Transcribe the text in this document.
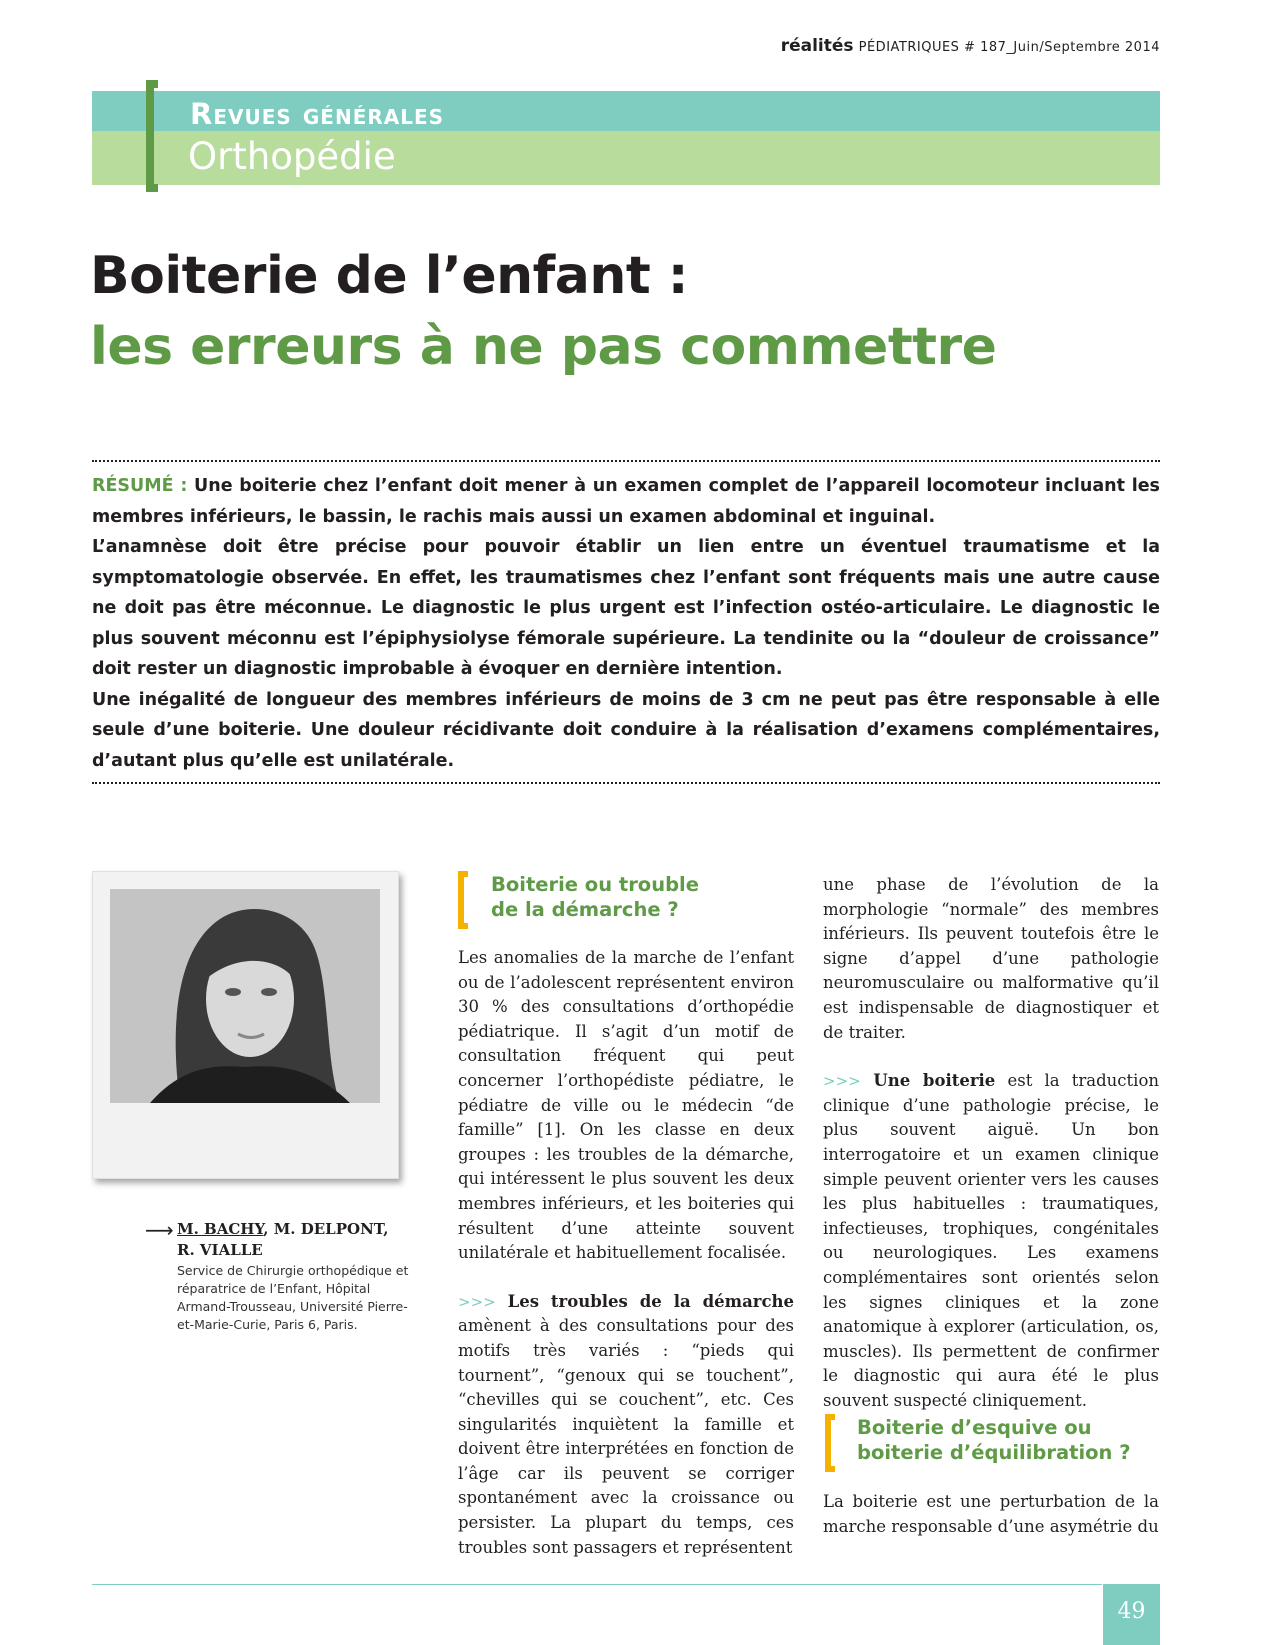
réalités PÉDIATRIQUES # 187_Juin/Septembre 2014
Revues générales
Orthopédie
Boiterie de l’enfant :
les erreurs à ne pas commettre

RÉSUMÉ : Une boiterie chez l’enfant doit mener à un examen complet de l’appareil locomoteur incluant les membres inférieurs, le bassin, le rachis mais aussi un examen abdominal et inguinal.

L’anamnèse doit être précise pour pouvoir établir un lien entre un éventuel traumatisme et la symptomatologie observée. En effet, les traumatismes chez l’enfant sont fréquents mais une autre cause ne doit pas être méconnue. Le diagnostic le plus urgent est l’infection ostéo-articulaire. Le diagnostic le plus souvent méconnu est l’épiphysiolyse fémorale supérieure. La tendinite ou la “douleur de croissance” doit rester un diagnostic improbable à évoquer en dernière intention.

Une inégalité de longueur des membres inférieurs de moins de 3 cm ne peut pas être responsable à elle seule d’une boiterie. Une douleur récidivante doit conduire à la réalisation d’examens complémentaires, d’autant plus qu’elle est unilatérale.

⟶ M. BACHY, M. DELPONT,
R. VIALLE
Service de Chirurgie orthopédique et réparatrice de l’Enfant, Hôpital Armand-Trousseau, Université Pierre-et-Marie-Curie, Paris 6, Paris.
Boiterie ou trouble
de la démarche ?

Les anomalies de la marche de l’enfant ou de l’adolescent représentent environ 30 % des consultations d’orthopédie pédiatrique. Il s’agit d’un motif de consultation fréquent qui peut concerner l’orthopédiste pédiatre, le pédiatre de ville ou le médecin “de famille” [1]. On les classe en deux groupes : les troubles de la démarche, qui intéressent le plus souvent les deux membres inférieurs, et les boiteries qui résultent d’une atteinte souvent unilatérale et habituellement focalisée.

>>> Les troubles de la démarche amènent à des consultations pour des motifs très variés : “pieds qui tournent”, “genoux qui se touchent”, “chevilles qui se couchent”, etc. Ces singularités inquiètent la famille et doivent être interprétées en fonction de l’âge car ils peuvent se corriger spontanément avec la croissance ou persister. La plupart du temps, ces troubles sont passagers et représentent

une phase de l’évolution de la morphologie “normale” des membres inférieurs. Ils peuvent toutefois être le signe d’appel d’une pathologie neuromusculaire ou malformative qu’il est indispensable de diagnostiquer et de traiter.

>>> Une boiterie est la traduction clinique d’une pathologie précise, le plus souvent aiguë. Un bon interrogatoire et un examen clinique simple peuvent orienter vers les causes les plus habituelles : traumatiques, infectieuses, trophiques, congénitales ou neurologiques. Les examens complémentaires sont orientés selon les signes cliniques et la zone anatomique à explorer (articulation, os, muscles). Ils permettent de confirmer le diagnostic qui aura été le plus souvent suspecté cliniquement.

Boiterie d’esquive ou
boiterie d’équilibration ?

La boiterie est une perturbation de la marche responsable d’une asymétrie du

49
